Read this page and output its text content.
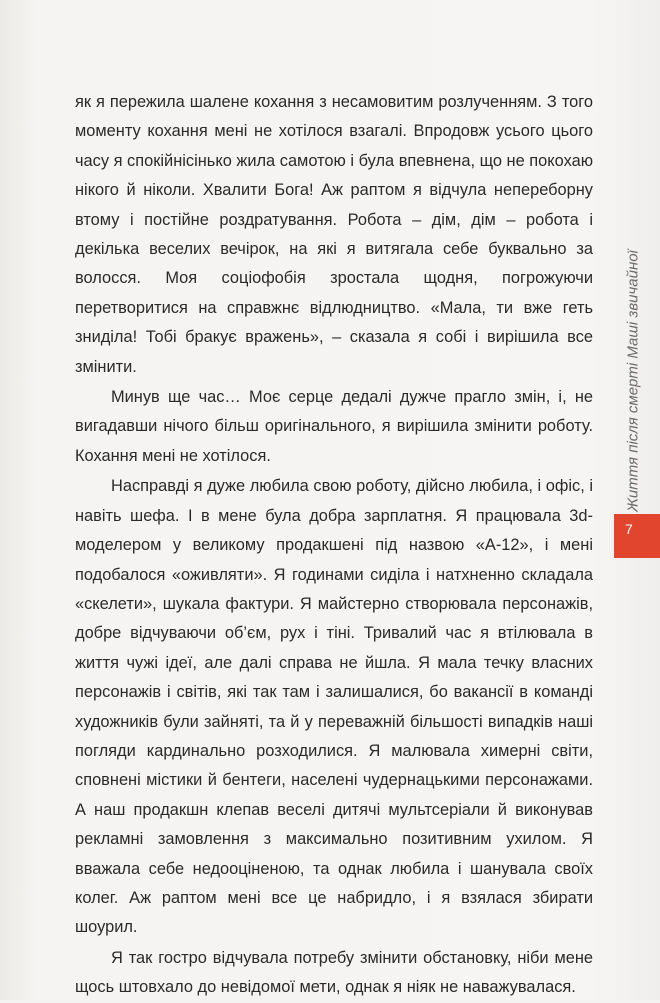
як я пережила шалене кохання з несамовитим розлученням. З того моменту кохання мені не хотілося взагалі. Впродовж усього цього часу я спокійнісінько жила самотою і була впевнена, що не покохаю нікого й ніколи. Хвалити Бога! Аж раптом я відчула непереборну втому і постійне роздратування. Робота – дім, дім – робота і декілька веселих вечірок, на які я витягала себе буквально за волосся. Моя соціофобія зростала щодня, погрожуючи перетворитися на справжнє відлюдництво. «Мала, ти вже геть знидiла! Тобі бракує вражень», – сказала я собі і вирішила все змінити.

Минув ще час… Моє серце дедалі дужче прагло змін, і, не вигадавши нічого більш оригінального, я вирішила змінити роботу. Кохання мені не хотілося.

Насправді я дуже любила свою роботу, дійсно любила, і офіс, і навіть шефа. І в мене була добра зарплатня. Я працювала 3d-моделером у великому продакшені під назвою «А-12», і мені подобалося «оживляти». Я годинами сиділа і натхненно складала «скелети», шукала фактури. Я майстерно створювала персонажів, добре відчуваючи об’єм, рух і тіні. Тривалий час я втілювала в життя чужі ідеї, але далі справа не йшла. Я мала течку власних персонажів і світів, які так там і залишалися, бо вакансії в команді художників були зайняті, та й у переважній більшості випадків наші погляди кардинально розходилися. Я малювала химерні світи, сповнені містики й бентеги, населені чудернацькими персонажами. А наш продакшн клепав веселі дитячі мультсеріали й виконував рекламні замовлення з максимально позитивним ухилом. Я вважала себе недооціненою, та однак любила і шанувала своїх колег. Аж раптом мені все це набридло, і я взялася збирати шоурил.

Я так гостро відчувала потребу змінити обстановку, ніби мене щось штовхало до невідомої мети, однак я ніяк не наважувалася.

Життя після смерті Маші звичайної
7
